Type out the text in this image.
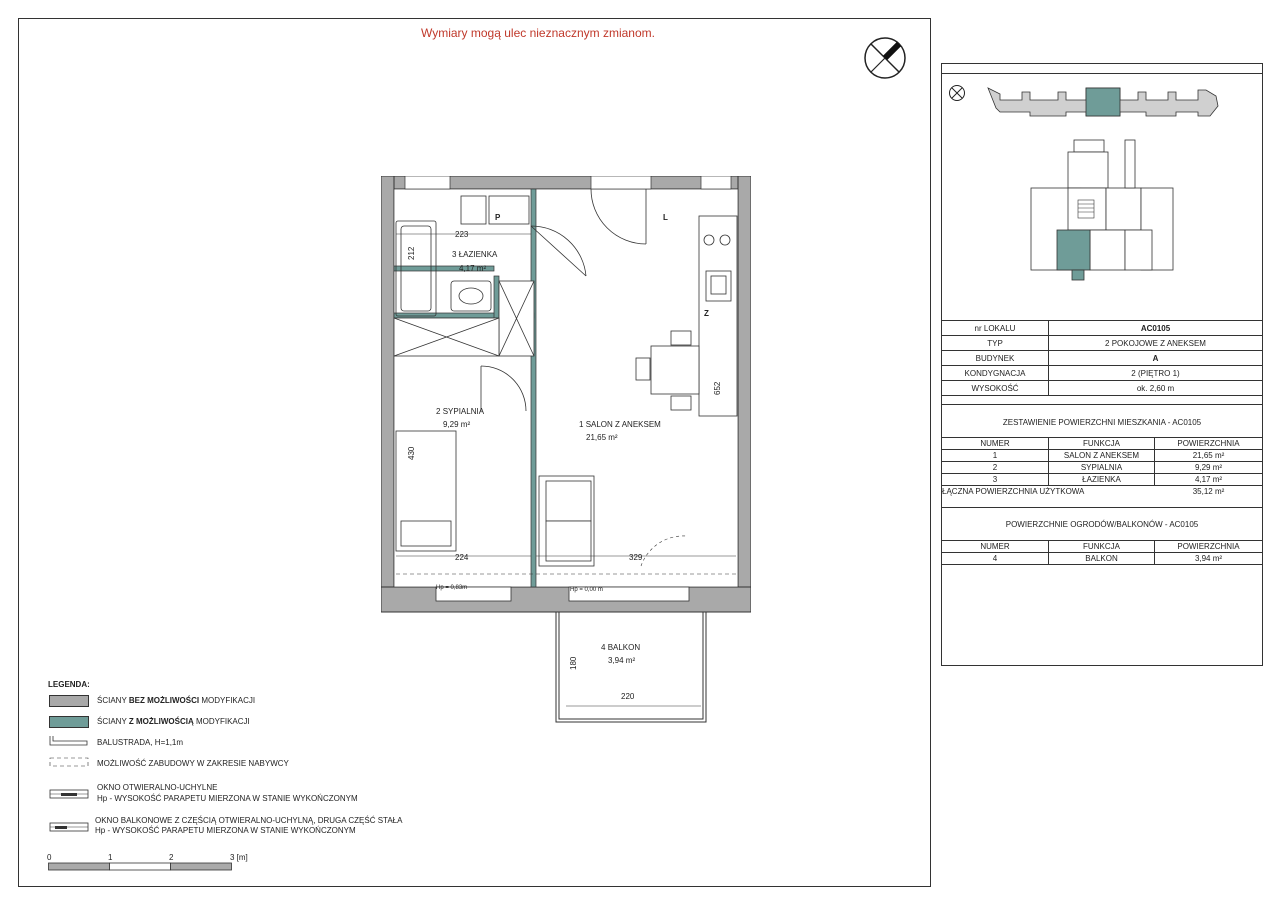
Wymiary mogą ulec nieznacznym zmianom.
3 ŁAZIENKA
4,17 m²
2 SYPIALNIA
9,29 m²	1 SALON Z ANEKSEM
21,65 m²
4 BALKON
3,94 m²
P	L
Z
223
212
430
224	329
652
180
220
Hp = 0,83m	Hp = 0,00 m
LEGENDA:
ŚCIANY BEZ MOŻLIWOŚCI MODYFIKACJI
ŚCIANY Z MOŻLIWOŚCIĄ MODYFIKACJI
BALUSTRADA, H=1,1m
MOŻLIWOŚĆ ZABUDOWY W ZAKRESIE NABYWCY
OKNO OTWIERALNO-UCHYLNE
Hp - WYSOKOŚĆ PARAPETU MIERZONA W STANIE WYKOŃCZONYM
OKNO BALKONOWE Z CZĘŚCIĄ OTWIERALNO-UCHYLNĄ, DRUGA CZĘŚĆ STAŁA
Hp - WYSOKOŚĆ PARAPETU MIERZONA W STANIE WYKOŃCZONYM
0	1	2	3 [m]
nr LOKALU	AC0105
TYP	2 POKOJOWE Z ANEKSEM
BUDYNEK	A
KONDYGNACJA	2 (PIĘTRO 1)
WYSOKOŚĆ	ok. 2,60 m
ZESTAWIENIE POWIERZCHNI MIESZKANIA - AC0105
NUMER	FUNKCJA	POWIERZCHNIA
1	SALON Z ANEKSEM	21,65 m²
2	SYPIALNIA	9,29 m²
3	ŁAZIENKA	4,17 m²
ŁĄCZNA POWIERZCHNIA UŻYTKOWA	35,12 m²
POWIERZCHNIE OGRODÓW/BALKONÓW - AC0105
NUMER	FUNKCJA	POWIERZCHNIA
4	BALKON	3,94 m²
